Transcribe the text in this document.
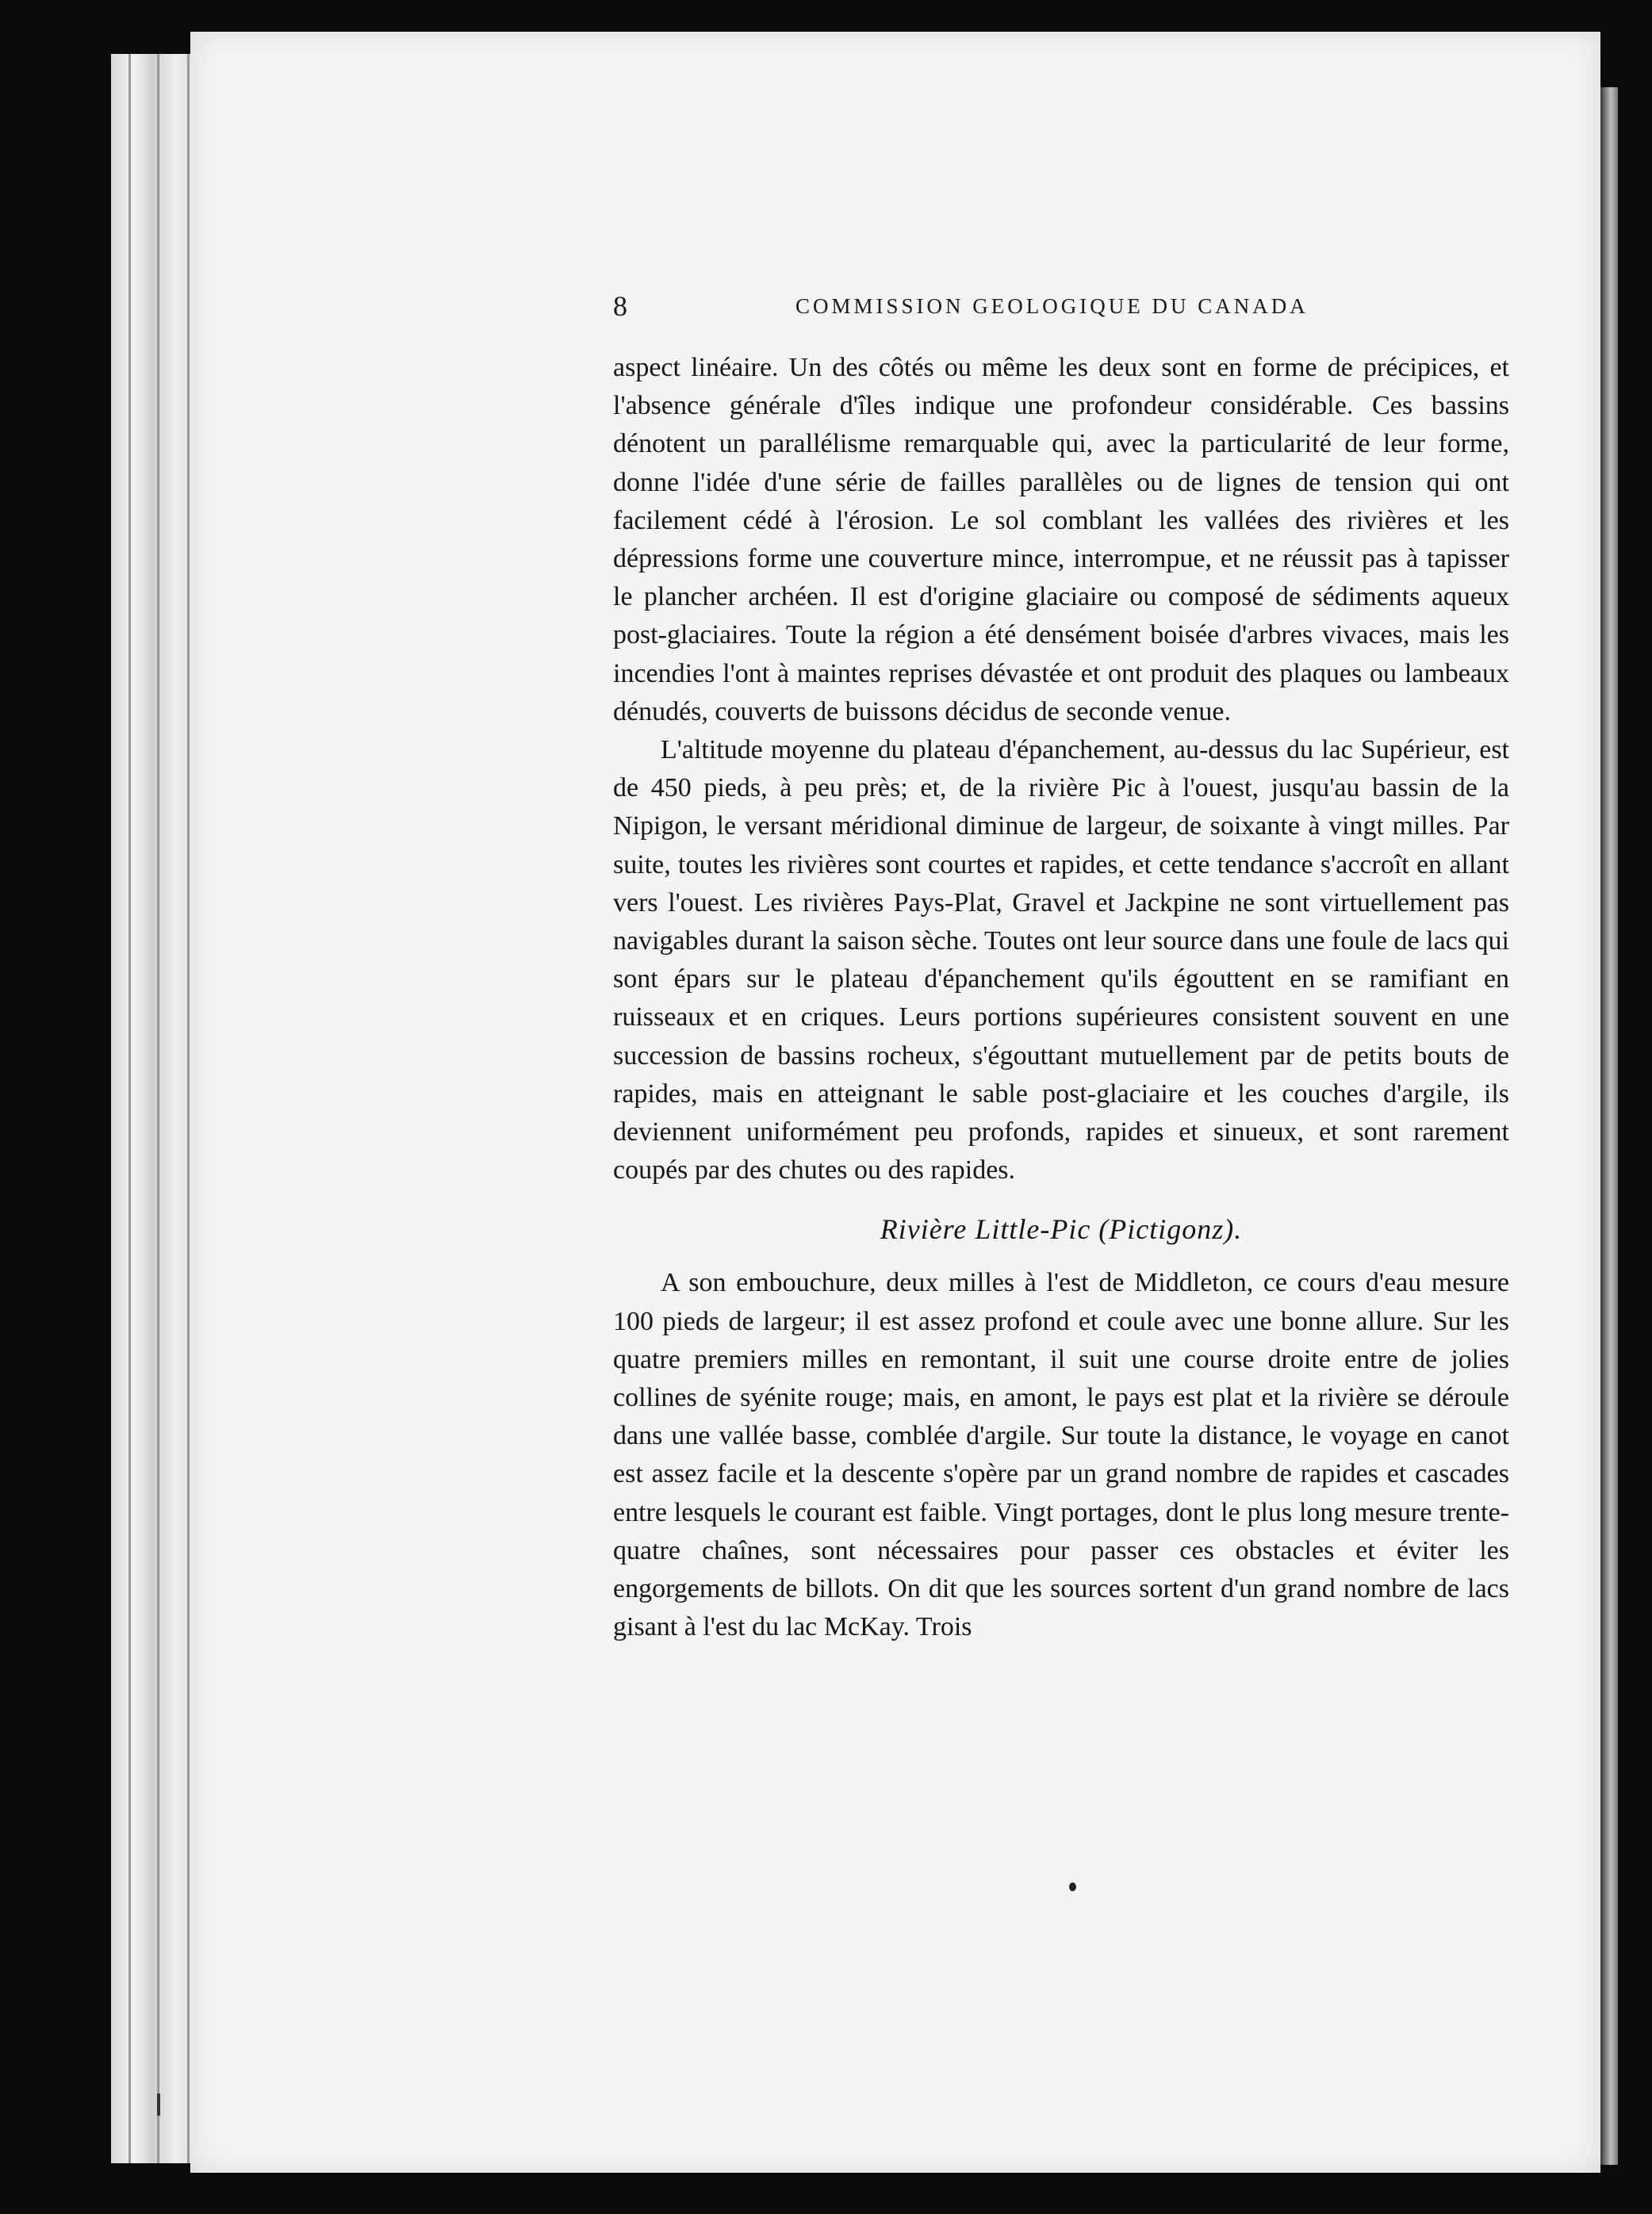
8	COMMISSION GEOLOGIQUE DU CANADA

aspect linéaire. Un des côtés ou même les deux sont en forme de précipices, et l'absence générale d'îles indique une profondeur considérable. Ces bassins dénotent un parallélisme remarquable qui, avec la particularité de leur forme, donne l'idée d'une série de failles parallèles ou de lignes de tension qui ont facilement cédé à l'érosion. Le sol comblant les vallées des rivières et les dépressions forme une couverture mince, interrompue, et ne réussit pas à tapisser le plancher archéen. Il est d'origine glaciaire ou composé de sédiments aqueux post-glaciaires. Toute la région a été densément boisée d'arbres vivaces, mais les incendies l'ont à maintes reprises dévastée et ont produit des plaques ou lambeaux dénudés, couverts de buissons décidus de seconde venue.

L'altitude moyenne du plateau d'épanchement, au-dessus du lac Supérieur, est de 450 pieds, à peu près; et, de la rivière Pic à l'ouest, jusqu'au bassin de la Nipigon, le versant méridional diminue de largeur, de soixante à vingt milles. Par suite, toutes les rivières sont courtes et rapides, et cette tendance s'accroît en allant vers l'ouest. Les rivières Pays-Plat, Gravel et Jackpine ne sont virtuellement pas navigables durant la saison sèche. Toutes ont leur source dans une foule de lacs qui sont épars sur le plateau d'épanchement qu'ils égouttent en se ramifiant en ruisseaux et en criques. Leurs portions supérieures consistent souvent en une succession de bassins rocheux, s'égouttant mutuellement par de petits bouts de rapides, mais en atteignant le sable post-glaciaire et les couches d'argile, ils deviennent uniformément peu profonds, rapides et sinueux, et sont rarement coupés par des chutes ou des rapides.

Rivière Little-Pic (Pictigonz).

A son embouchure, deux milles à l'est de Middleton, ce cours d'eau mesure 100 pieds de largeur; il est assez profond et coule avec une bonne allure. Sur les quatre premiers milles en remontant, il suit une course droite entre de jolies collines de syénite rouge; mais, en amont, le pays est plat et la rivière se déroule dans une vallée basse, comblée d'argile. Sur toute la distance, le voyage en canot est assez facile et la descente s'opère par un grand nombre de rapides et cascades entre lesquels le courant est faible. Vingt portages, dont le plus long mesure trente-quatre chaînes, sont nécessaires pour passer ces obstacles et éviter les engorgements de billots. On dit que les sources sortent d'un grand nombre de lacs gisant à l'est du lac McKay. Trois
